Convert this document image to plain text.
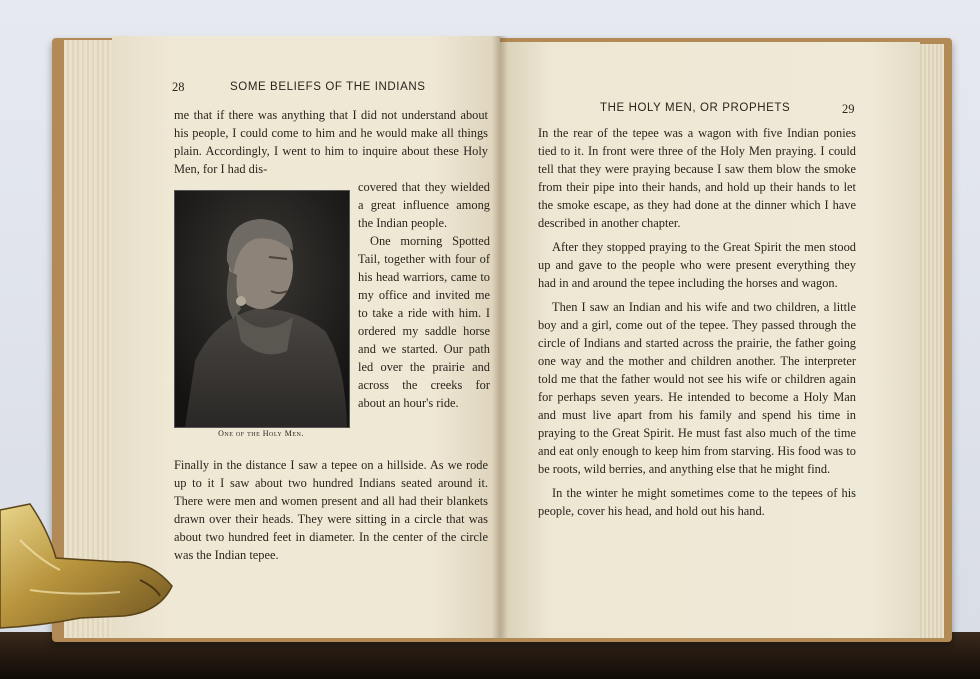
28	SOME BELIEFS OF THE INDIANS

me that if there was anything that I did not understand about his people, I could come to him and he would make all things plain. Accordingly, I went to him to inquire about these Holy Men, for I had dis-

One of the Holy Men.

covered that they wielded a great influence among the Indian people.

One morning Spotted Tail, together with four of his head warriors, came to my office and invited me to take a ride with him. I ordered my saddle horse and we started. Our path led over the prairie and across the creeks for about an hour's ride.

Finally in the distance I saw a tepee on a hillside. As we rode up to it I saw about two hundred Indians seated around it. There were men and women present and all had their blankets drawn over their heads. They were sitting in a circle that was about two hundred feet in diameter. In the center of the circle was the Indian tepee.

THE HOLY MEN, OR PROPHETS	29

In the rear of the tepee was a wagon with five Indian ponies tied to it. In front were three of the Holy Men praying. I could tell that they were praying because I saw them blow the smoke from their pipe into their hands, and hold up their hands to let the smoke escape, as they had done at the dinner which I have described in another chapter.

After they stopped praying to the Great Spirit the men stood up and gave to the people who were present everything they had in and around the tepee including the horses and wagon.

Then I saw an Indian and his wife and two children, a little boy and a girl, come out of the tepee. They passed through the circle of Indians and started across the prairie, the father going one way and the mother and children another. The interpreter told me that the father would not see his wife or children again for perhaps seven years. He intended to become a Holy Man and must live apart from his family and spend his time in praying to the Great Spirit. He must fast also much of the time and eat only enough to keep him from starving. His food was to be roots, wild berries, and anything else that he might find.

In the winter he might sometimes come to the tepees of his people, cover his head, and hold out his hand.
